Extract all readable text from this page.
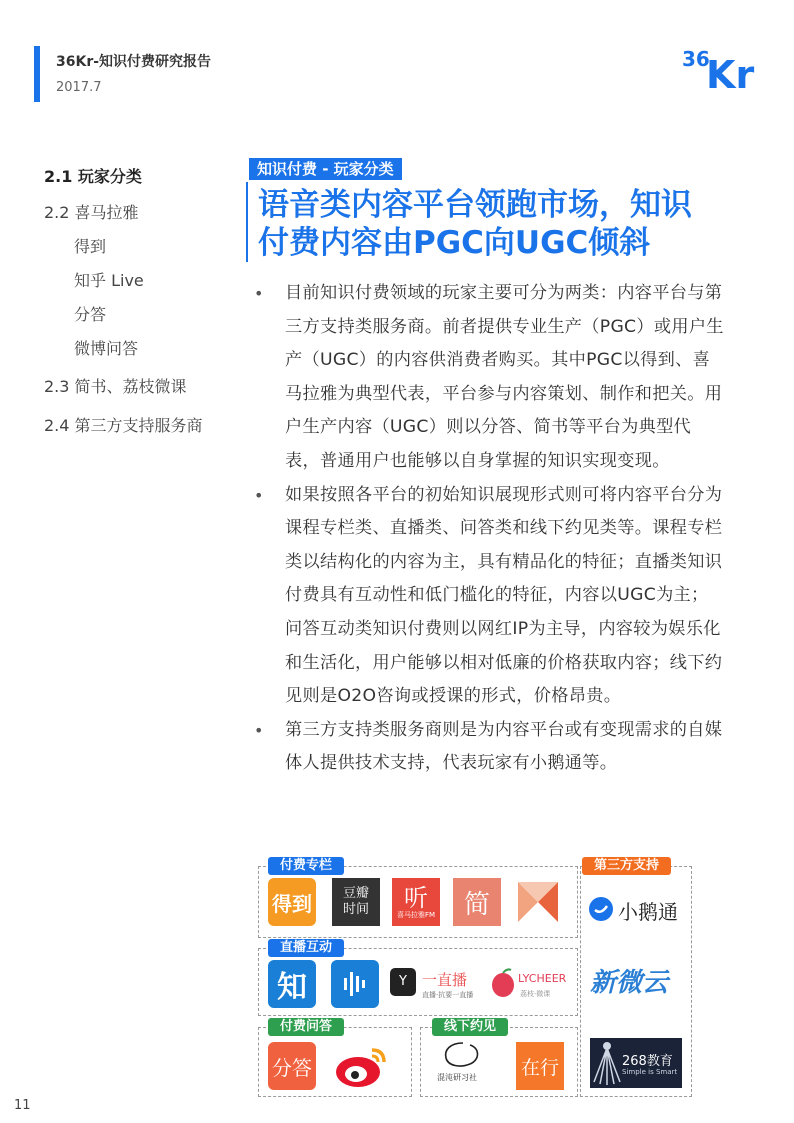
36Kr-知识付费研究报告
2017.7
36
Kr
2.1 玩家分类
2.2 喜马拉雅
得到
知乎 Live
分答
微博问答
2.3 简书、荔枝微课
2.4 第三方支持服务商
知识付费 - 玩家分类
语音类内容平台领跑市场，知识
付费内容由PGC向UGC倾斜
• 目前知识付费领域的玩家主要可分为两类：内容平台与第三方支持类服务商。前者提供专业生产（PGC）或用户生产（UGC）的内容供消费者购买。其中PGC以得到、喜马拉雅为典型代表，平台参与内容策划、制作和把关。用户生产内容（UGC）则以分答、简书等平台为典型代表，普通用户也能够以自身掌握的知识实现变现。
• 如果按照各平台的初始知识展现形式则可将内容平台分为课程专栏类、直播类、问答类和线下约见类等。课程专栏类以结构化的内容为主，具有精品化的特征；直播类知识付费具有互动性和低门槛化的特征，内容以UGC为主；问答互动类知识付费则以网红IP为主导，内容较为娱乐化和生活化，用户能够以相对低廉的价格获取内容；线下约见则是O2O咨询或授课的形式，价格昂贵。
• 第三方支持类服务商则是为内容平台或有变现需求的自媒体人提供技术支持，代表玩家有小鹅通等。
付费专栏
直播互动
付费问答	线下约见
第三方支持
得到 豆瓣
时间 听
喜马拉雅FM 简
知	Y	一直播
直播·抗要一直播
LYCHEER
荔枝·微课
分答	混沌研习社 在行
小鹅通
新微云
268教育
Simple is Smart
11
